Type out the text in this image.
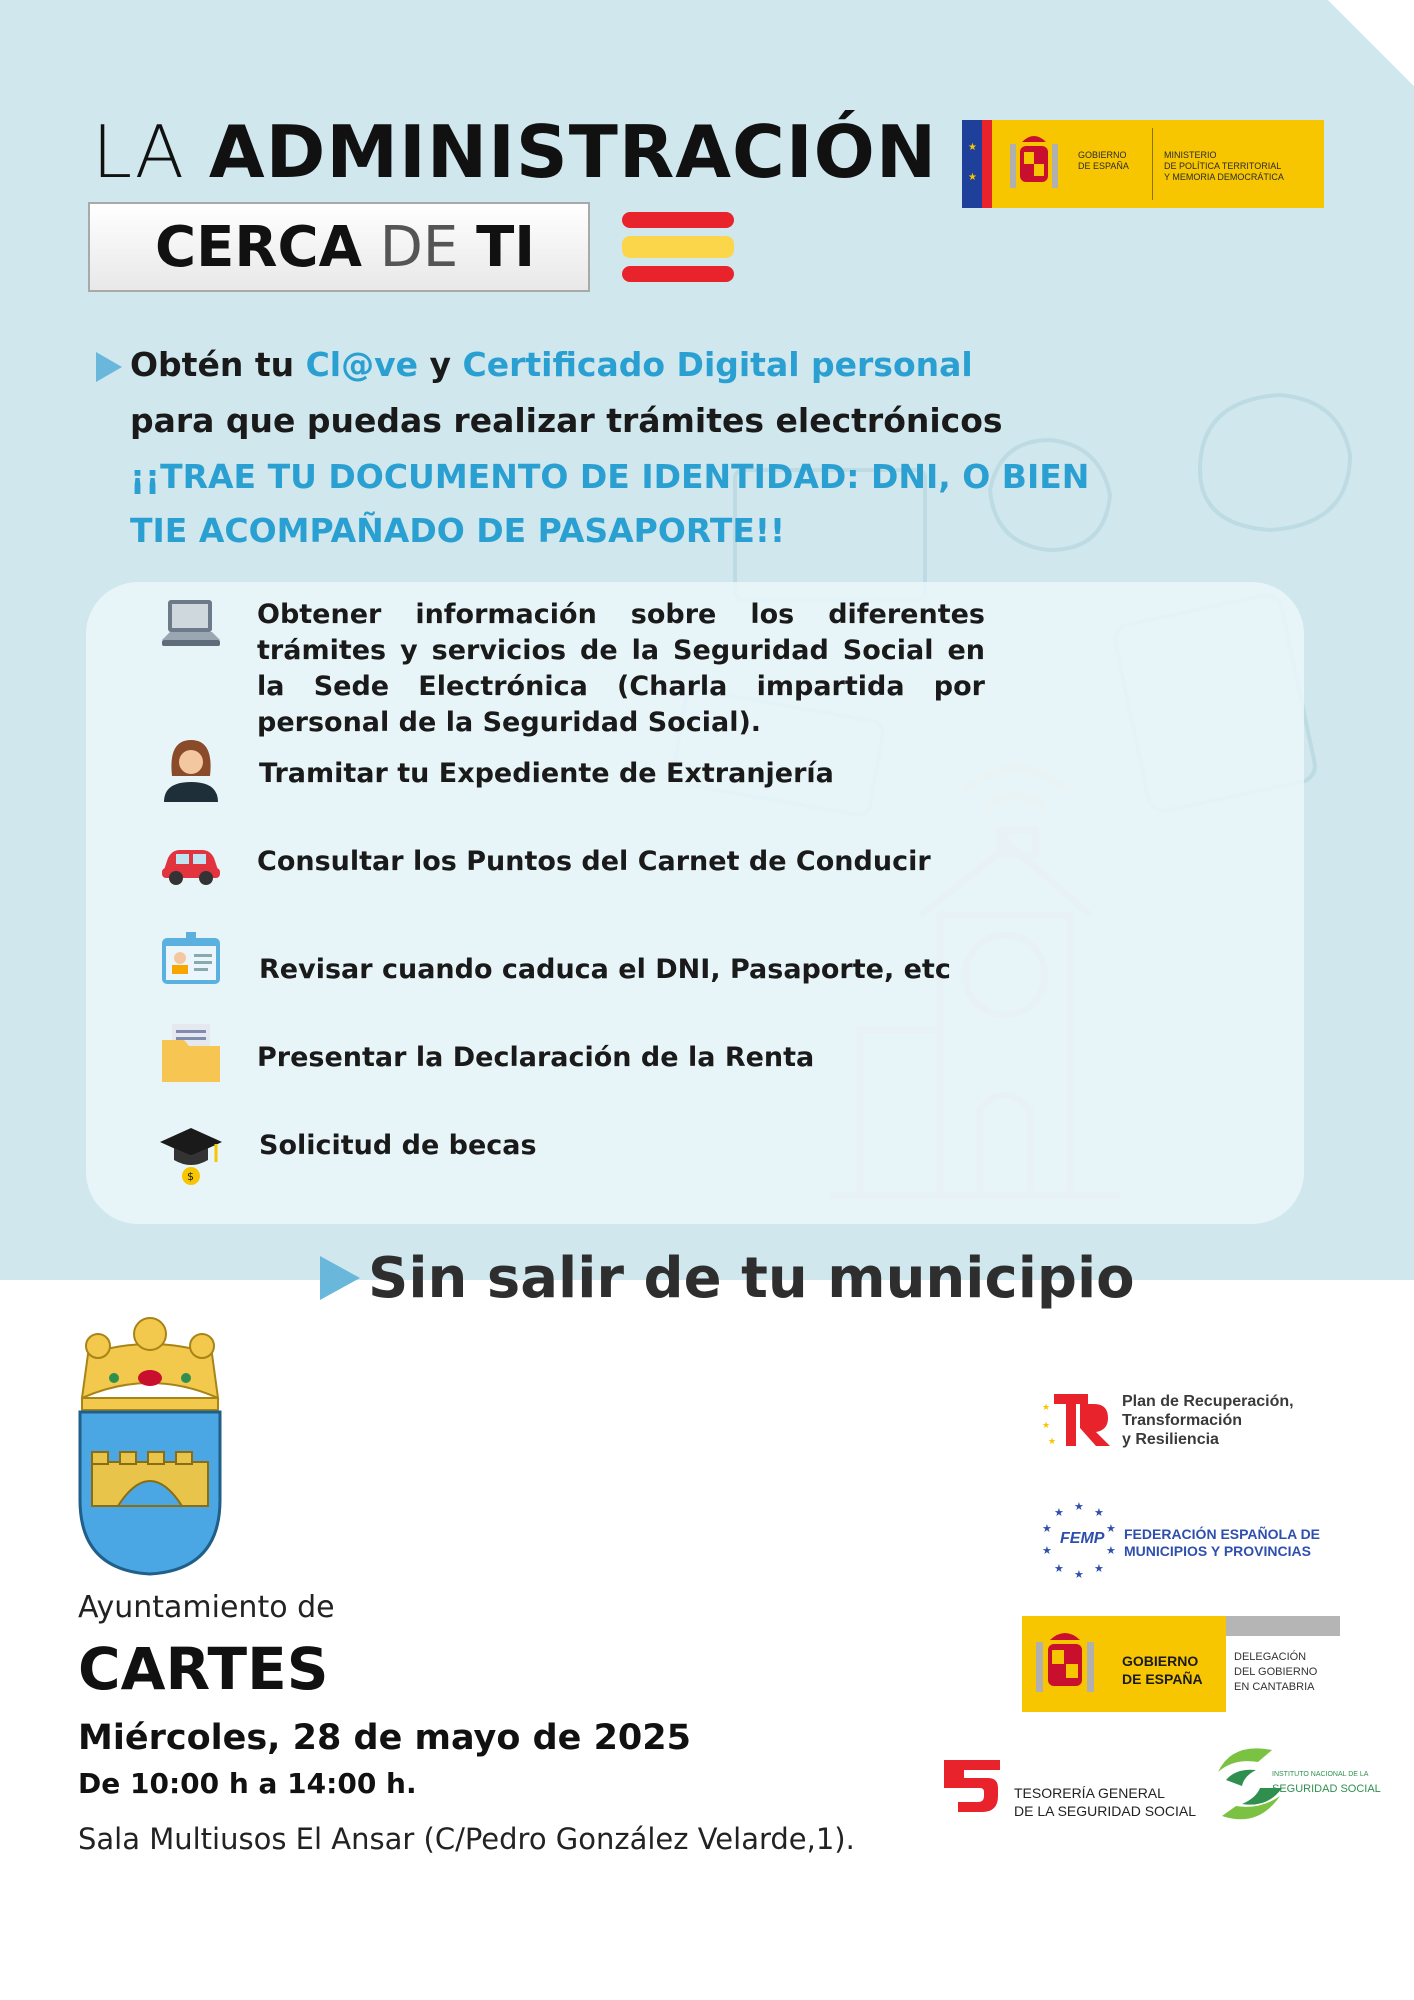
LA ADMINISTRACIÓN
CERCA DE TI
★
★
GOBIERNO
DE ESPAÑA
MINISTERIO
DE POLÍTICA TERRITORIAL
Y MEMORIA DEMOCRÁTICA
Obtén tu Cl@ve y Certificado Digital personal
para que puedas realizar trámites electrónicos
¡¡TRAE TU DOCUMENTO DE IDENTIDAD: DNI, O BIEN
TIE ACOMPAÑADO DE PASAPORTE!!
Obtener información sobre los diferentes trámites y servicios de la Seguridad Social en la Sede Electrónica (Charla impartida por personal de la Seguridad Social).
Tramitar tu Expediente de Extranjería
Consultar los Puntos del Carnet de Conducir
Revisar cuando caduca el DNI, Pasaporte, etc
Presentar la Declaración de la Renta
$
Solicitud de becas
Sin salir de tu municipio
Ayuntamiento de
CARTES
Miércoles, 28 de mayo de 2025
De 10:00 h a 14:00 h.
Sala Multiusos El Ansar (C/Pedro González Velarde,1).
★
★
★
Plan de Recuperación,
Transformación
y Resiliencia
★ ★
★
★
★
★
★
★
★
★
FEMP FEDERACIÓN ESPAÑOLA DE
MUNICIPIOS Y PROVINCIAS
GOBIERNO
DE ESPAÑA
DELEGACIÓN
DEL GOBIERNO
EN CANTABRIA
TESORERÍA GENERAL
DE LA SEGURIDAD SOCIAL
INSTITUTO NACIONAL DE LA
SEGURIDAD SOCIAL
